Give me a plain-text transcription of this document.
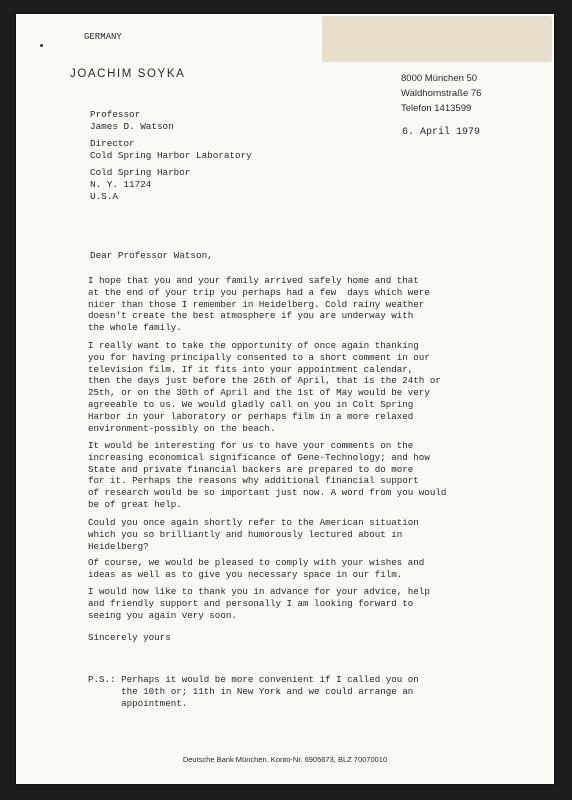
GERMANY
JOACHIM SOYKA	8000 München 50
Waldhornstraße 76
Telefon 1413599
Professor
James D. Watson
Director
Cold Spring Harbor Laboratory
Cold Spring Harbor
N. Y. 11724
U.S.A
6. April 1979
Dear Professor Watson,
I hope that you and your family arrived safely home and that
at the end of your trip you perhaps had a few  days which were
nicer than those I remember in Heidelberg. Cold rainy weather
doesn't create the best atmosphere if you are underway with
the whole family.
I really want to take the opportunity of once again thanking
you for having principally consented to a short comment in our
television film. If it fits into your appointment calendar,
then the days just before the 26th of April, that is the 24th or
25th, or on the 30th of April and the 1st of May would be very
agreeable to us. We would gladly call on you in Colt Spring
Harbor in your laboratory or perhaps film in a more relaxed
environment-possibly on the beach.
It would be interesting for us to have your comments on the
increasing economical significance of Gene-Technology; and how
State and private financial backers are prepared to do more
for it. Perhaps the reasons why additional financial support
of research would be so important just now. A word from you would
be of great help.
Could you once again shortly refer to the American situation
which you so brilliantly and humorously lectured about in
Heidelberg?
Of course, we would be pleased to comply with your wishes and
ideas as well as to give you necessary space in our film.
I would now like to thank you in advance for your advice, help
and friendly support and personally I am looking forward to
seeing you again very soon.
Sincerely yours
P.S.: Perhaps it would be more convenient if I called you on
the 10th or; 11th in New York and we could arrange an
appointment.
Deutsche Bank München. Konto-Nr. 6905673, BLZ 70070010
